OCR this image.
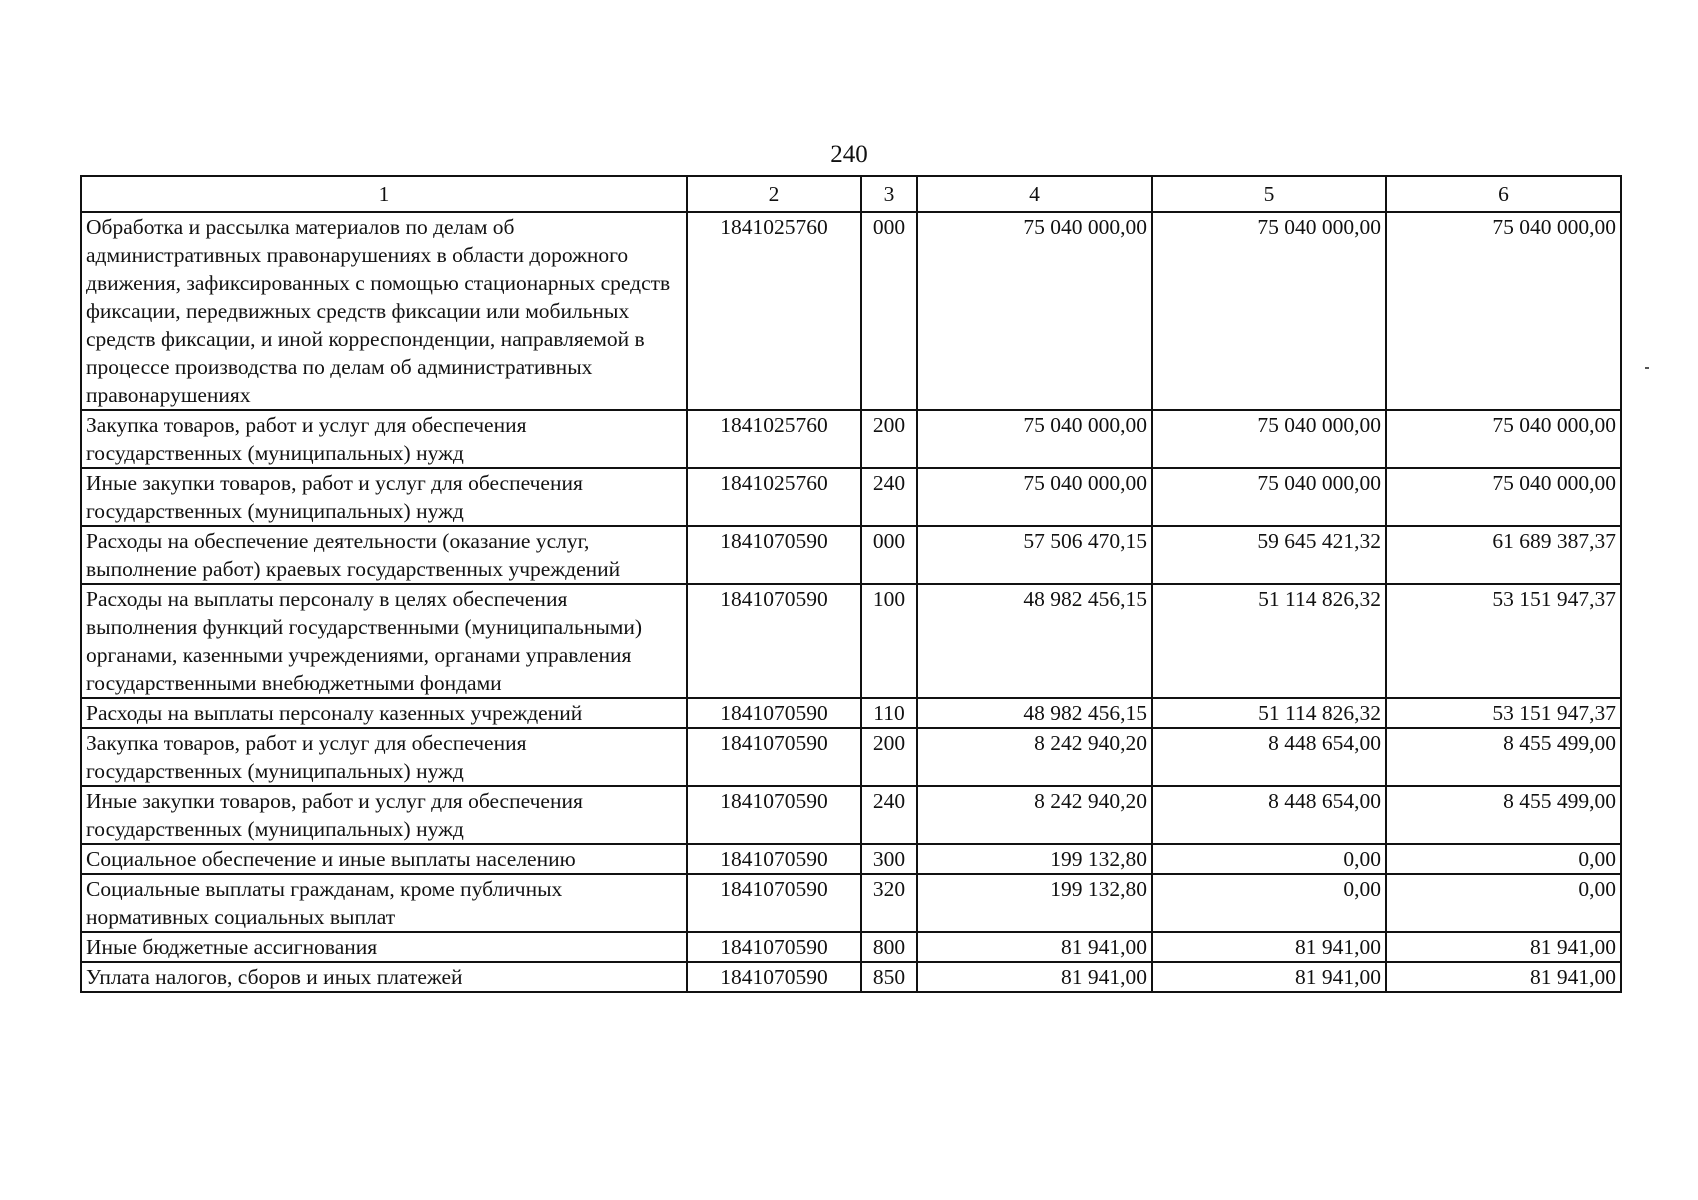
240
1	2	3	4	5	6
Обработка и рассылка материалов по делам об административных правонарушениях в области дорожного движения, зафиксированных с помощью стационарных средств фиксации, передвижных средств фиксации или мобильных средств фиксации, и иной корреспонденции, направляемой в процессе производства по делам об административных правонарушениях	1841025760	000	75 040 000,00	75 040 000,00	75 040 000,00
Закупка товаров, работ и услуг для обеспечения государственных (муниципальных) нужд	1841025760	200	75 040 000,00	75 040 000,00	75 040 000,00
Иные закупки товаров, работ и услуг для обеспечения государственных (муниципальных) нужд	1841025760	240	75 040 000,00	75 040 000,00	75 040 000,00
Расходы на обеспечение деятельности (оказание услуг, выполнение работ) краевых государственных учреждений	1841070590	000	57 506 470,15	59 645 421,32	61 689 387,37
Расходы на выплаты персоналу в целях обеспечения выполнения функций государственными (муниципальными) органами, казенными учреждениями, органами управления государственными внебюджетными фондами	1841070590	100	48 982 456,15	51 114 826,32	53 151 947,37
Расходы на выплаты персоналу казенных учреждений	1841070590	110	48 982 456,15	51 114 826,32	53 151 947,37
Закупка товаров, работ и услуг для обеспечения государственных (муниципальных) нужд	1841070590	200	8 242 940,20	8 448 654,00	8 455 499,00
Иные закупки товаров, работ и услуг для обеспечения государственных (муниципальных) нужд	1841070590	240	8 242 940,20	8 448 654,00	8 455 499,00
Социальное обеспечение и иные выплаты населению	1841070590	300	199 132,80	0,00	0,00
Социальные выплаты гражданам, кроме публичных нормативных социальных выплат	1841070590	320	199 132,80	0,00	0,00
Иные бюджетные ассигнования	1841070590	800	81 941,00	81 941,00	81 941,00
Уплата налогов, сборов и иных платежей	1841070590	850	81 941,00	81 941,00	81 941,00
